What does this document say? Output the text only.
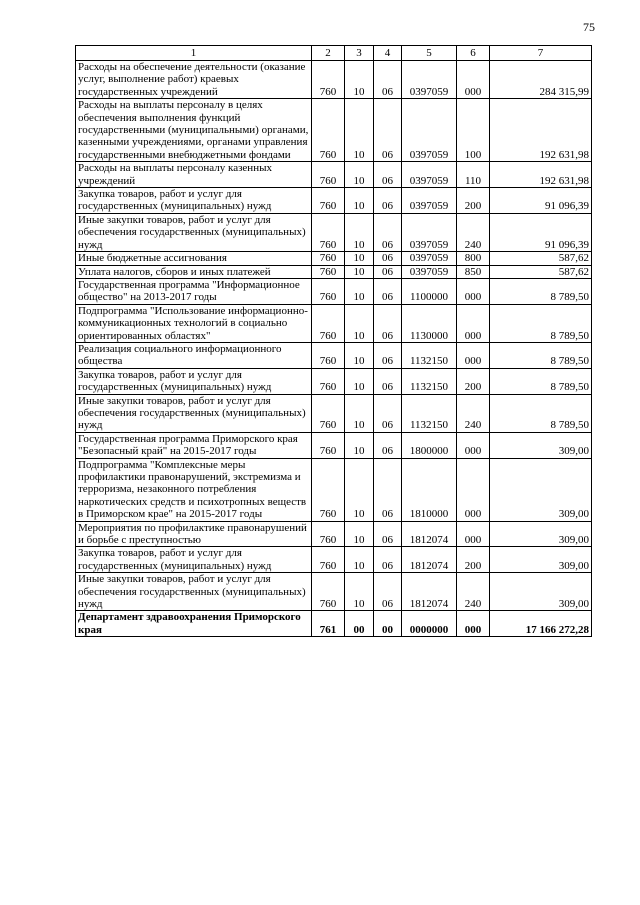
75
1	2	3	4	5	6	7
Расходы на обеспечение деятельности (оказание услуг, выполнение работ) краевых государственных учреждений	760	10	06	0397059	000	284 315,99
Расходы на выплаты персоналу в целях обеспечения выполнения функций государственными (муниципальными) органами, казенными учреждениями, органами управления государственными внебюджетными фондами	760	10	06	0397059	100	192 631,98
Расходы на выплаты персоналу казенных учреждений	760	10	06	0397059	110	192 631,98
Закупка товаров, работ и услуг для государственных (муниципальных) нужд	760	10	06	0397059	200	91 096,39
Иные закупки товаров, работ и услуг для обеспечения государственных (муниципальных) нужд	760	10	06	0397059	240	91 096,39
Иные бюджетные ассигнования	760	10	06	0397059	800	587,62
Уплата налогов, сборов и иных платежей	760	10	06	0397059	850	587,62
Государственная программа "Информационное общество" на 2013-2017 годы	760	10	06	1100000	000	8 789,50
Подпрограмма "Использование информационно-коммуникационных технологий в социально ориентированных областях"	760	10	06	1130000	000	8 789,50
Реализация социального информационного общества	760	10	06	1132150	000	8 789,50
Закупка товаров, работ и услуг для государственных (муниципальных) нужд	760	10	06	1132150	200	8 789,50
Иные закупки товаров, работ и услуг для обеспечения государственных (муниципальных) нужд	760	10	06	1132150	240	8 789,50
Государственная программа Приморского края "Безопасный край" на 2015-2017 годы	760	10	06	1800000	000	309,00
Подпрограмма "Комплексные меры профилактики правонарушений, экстремизма и терроризма, незаконного потребления наркотических средств и психотропных веществ в Приморском крае" на 2015-2017 годы	760	10	06	1810000	000	309,00
Мероприятия по профилактике правонарушений и борьбе с преступностью	760	10	06	1812074	000	309,00
Закупка товаров, работ и услуг для государственных (муниципальных) нужд	760	10	06	1812074	200	309,00
Иные закупки товаров, работ и услуг для обеспечения государственных (муниципальных) нужд	760	10	06	1812074	240	309,00
Департамент здравоохранения Приморского края	761	00	00	0000000	000	17 166 272,28
